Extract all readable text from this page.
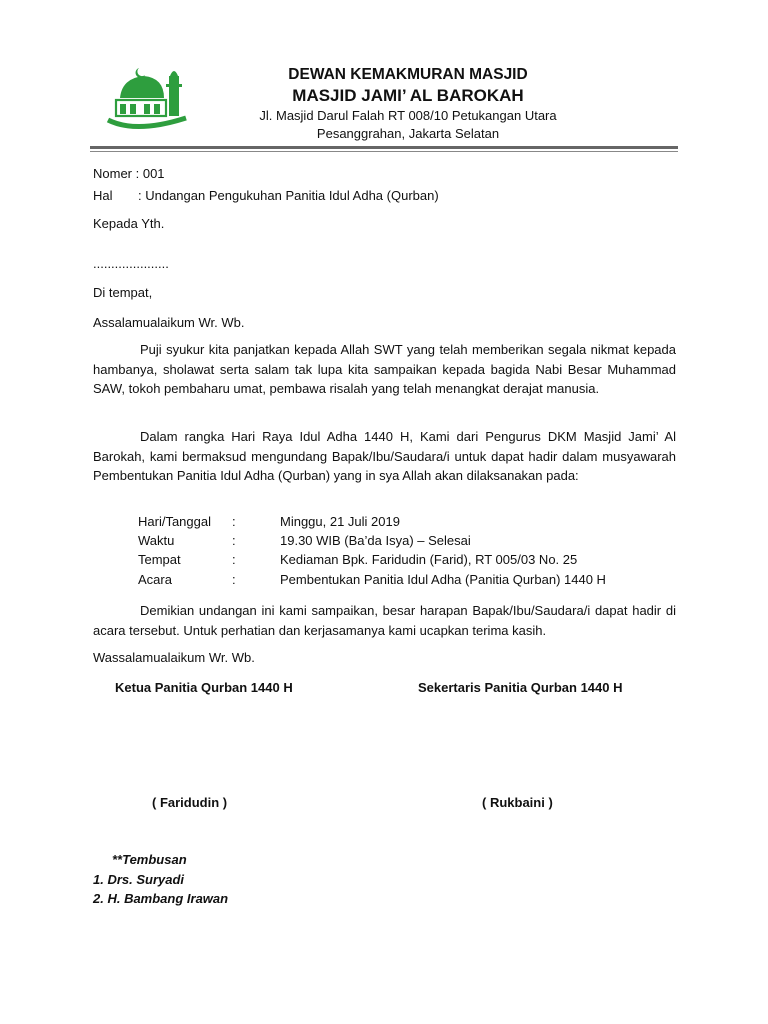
DEWAN KEMAKMURAN MASJID
MASJID JAMI’ AL BAROKAH
Jl. Masjid Darul Falah RT 008/10 Petukangan Utara
Pesanggrahan, Jakarta Selatan
Nomer : 001
Hal : Undangan Pengukuhan Panitia Idul Adha (Qurban)
Kepada Yth.
.....................
Di tempat,
Assalamualaikum Wr. Wb.

Puji syukur kita panjatkan kepada Allah SWT yang telah memberikan segala nikmat kepada hambanya, sholawat serta salam tak lupa kita sampaikan kepada bagida Nabi Besar Muhammad SAW, tokoh pembaharu umat, pembawa risalah yang telah menangkat derajat manusia.

Dalam rangka Hari Raya Idul Adha 1440 H, Kami dari Pengurus DKM Masjid Jami’ Al Barokah, kami bermaksud mengundang Bapak/Ibu/Saudara/i untuk dapat hadir dalam musyawarah Pembentukan Panitia Idul Adha (Qurban) yang in sya Allah akan dilaksanakan pada:

Hari/Tanggal :	Minggu, 21 Juli 2019
Waktu	:	19.30 WIB (Ba’da Isya) – Selesai
Tempat	:	Kediaman Bpk. Faridudin (Farid), RT 005/03 No. 25
Acara	:	Pembentukan Panitia Idul Adha (Panitia Qurban) 1440 H

Demikian undangan ini kami sampaikan, besar harapan Bapak/Ibu/Saudara/i dapat hadir di acara tersebut. Untuk perhatian dan kerjasamanya kami ucapkan terima kasih.

Wassalamualaikum Wr. Wb.
Ketua Panitia Qurban 1440 H	Sekertaris Panitia Qurban 1440 H
( Faridudin )	( Rukbaini )
**Tembusan
1. Drs. Suryadi
2. H. Bambang Irawan
